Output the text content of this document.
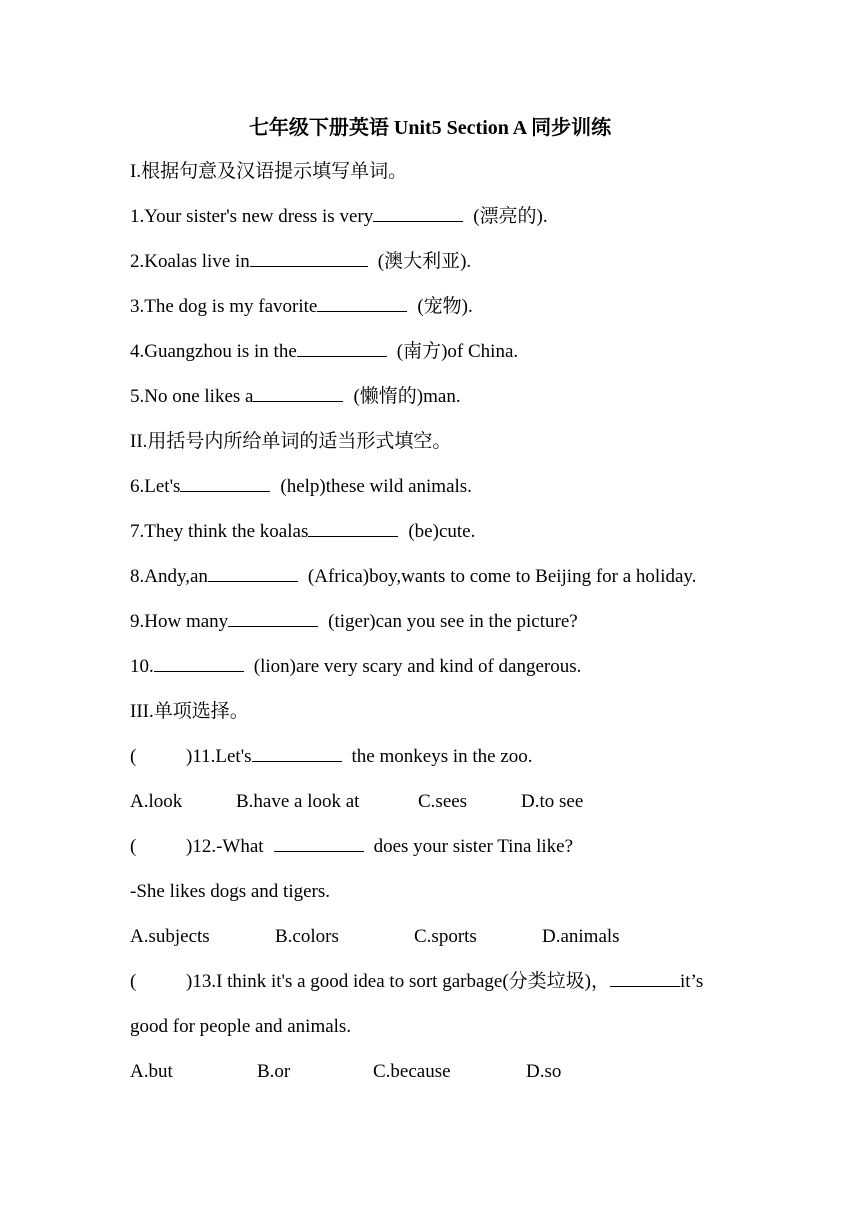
七年级下册英语 Unit5 Section A 同步训练
I.根据句意及汉语提示填写单词。
1.Your sister's new dress is very	(漂亮的).
2.Koalas live in	(澳大利亚).
3.The dog is my favorite	(宠物).
4.Guangzhou is in the	(南方)of China.
5.No one likes a	(懒惰的)man.
II.用括号内所给单词的适当形式填空。
6.Let's	(help)these wild animals.
7.They think the koalas	(be)cute.
8.Andy,an	(Africa)boy,wants to come to Beijing for a holiday.
9.How many	(tiger)can you see in the picture?
10.	(lion)are very scary and kind of dangerous.
III.单项选择。
(	)11.Let's	the monkeys in the zoo.
A.look	B.have a look at	C.sees	D.to see
(	)12.-What	does your sister Tina like?
-She likes dogs and tigers.
A.subjects	B.colors	C.sports	D.animals
(	)13.I think it's a good idea to sort garbage(分类垃圾)，	it’s
good for people and animals.
A.but	B.or	C.because	D.so
